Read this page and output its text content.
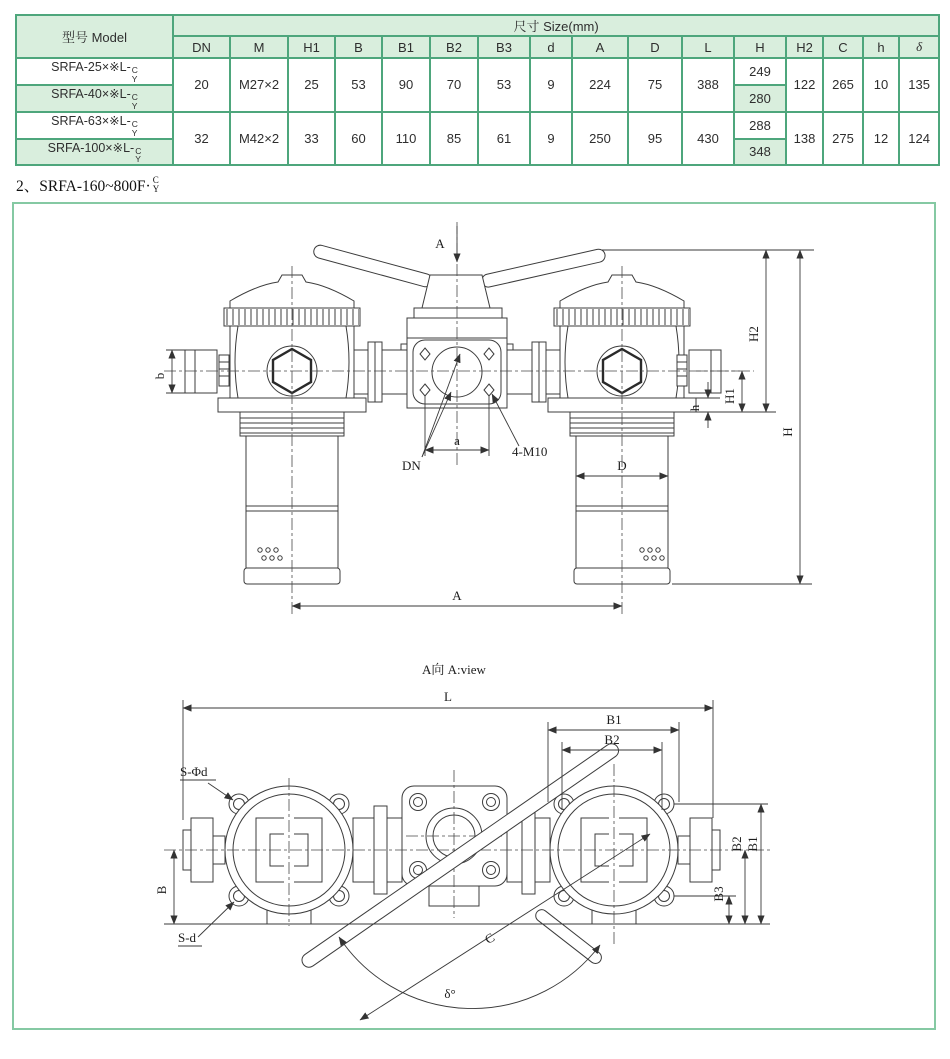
型号 Model	尺寸 Size(mm)															
	DN	M	H1	B	B1	B2	B3	d	A	D	L	H	H2	C	h	δ
SRFA-25×※L- C
Y	20	M27×2	25	53	90	70	53	9	224	75	388	249	122	265	10	135
SRFA-40×※L- C
Y												280				
SRFA-63×※L- C
Y	32	M42×2	33	60	110	85	61	9	250	95	430	288	138	275	12	124
SRFA-100×※L- C
Y												348				
2、SRFA-160~800F· C
Y
A
b
h
H1
H2
H
D
A
a
DN
4-M10
A向 A:view
L
B1
B2
S-Φd
S-d
B	B3
B2 B1
C
δ°
